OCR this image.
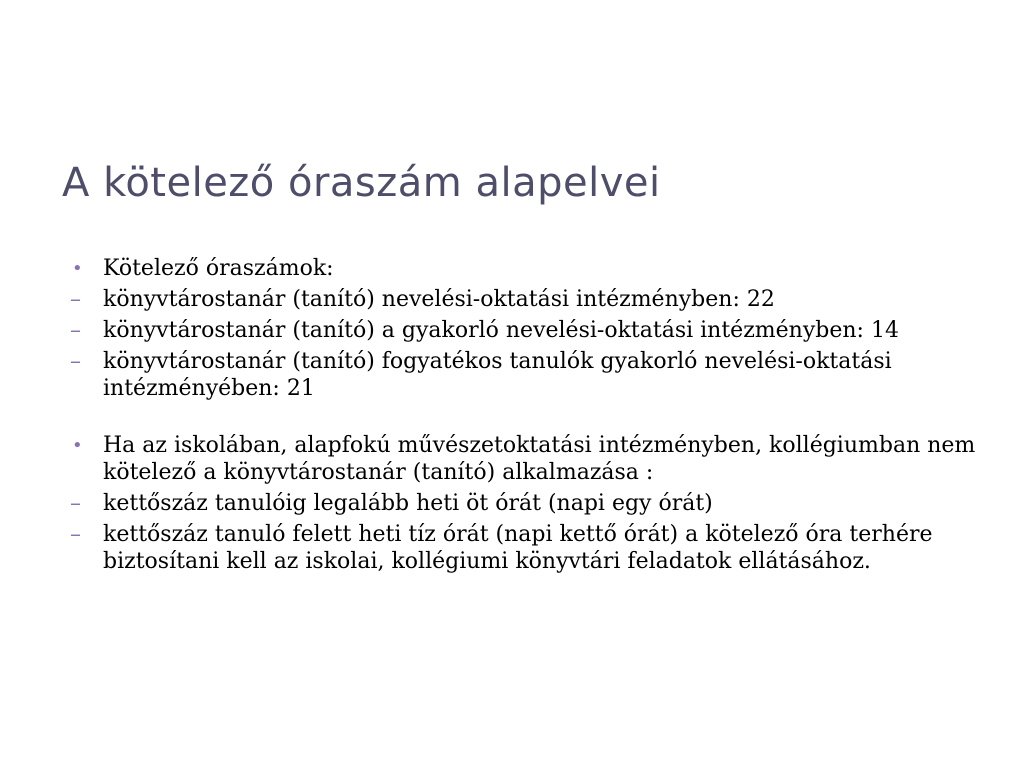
A kötelező óraszám alapelvei
• Kötelező óraszámok:
–	könyvtárostanár (tanító) nevelési-oktatási intézményben: 22
–	könyvtárostanár (tanító) a gyakorló nevelési-oktatási intézményben: 14
–	könyvtárostanár (tanító) fogyatékos tanulók gyakorló nevelési-oktatási intézményében: 21
• Ha az iskolában, alapfokú művészetoktatási intézményben, kollégiumban nem kötelező a könyvtárostanár (tanító) alkalmazása :
–	kettőszáz tanulóig legalább heti öt órát (napi egy órát)
–	kettőszáz tanuló felett heti tíz órát (napi kettő órát) a kötelező óra terhére biztosítani kell az iskolai, kollégiumi könyvtári feladatok ellátásához.
